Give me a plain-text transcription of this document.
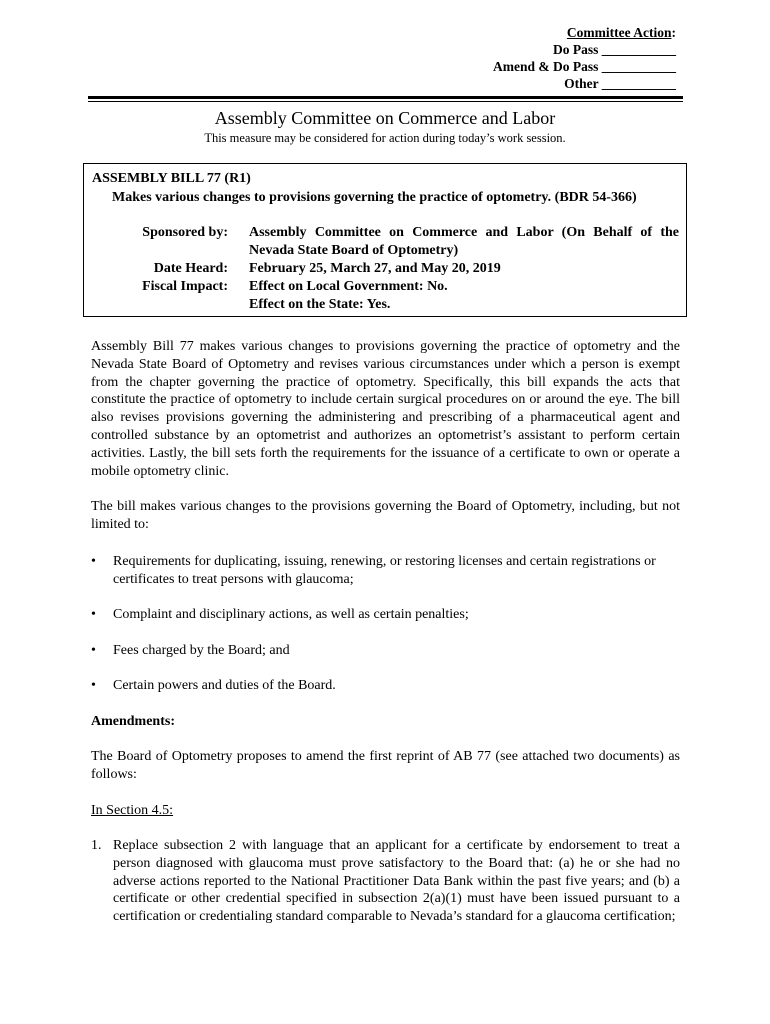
Committee Action:
Do Pass ___________
Amend & Do Pass ___________
Other ___________
Assembly Committee on Commerce and Labor
This measure may be considered for action during today’s work session.
ASSEMBLY BILL 77 (R1)
Makes various changes to provisions governing the practice of optometry. (BDR 54-366)
Sponsored by: Assembly Committee on Commerce and Labor (On Behalf of the Nevada State Board of Optometry)
Date Heard: February 25, March 27, and May 20, 2019
Fiscal Impact: Effect on Local Government: No.
Effect on the State: Yes.
Assembly Bill 77 makes various changes to provisions governing the practice of optometry and the Nevada State Board of Optometry and revises various circumstances under which a person is exempt from the chapter governing the practice of optometry. Specifically, this bill expands the acts that constitute the practice of optometry to include certain surgical procedures on or around the eye. The bill also revises provisions governing the administering and prescribing of a pharmaceutical agent and controlled substance by an optometrist and authorizes an optometrist’s assistant to perform certain activities. Lastly, the bill sets forth the requirements for the issuance of a certificate to own or operate a mobile optometry clinic.
The bill makes various changes to the provisions governing the Board of Optometry, including, but not limited to:
• Requirements for duplicating, issuing, renewing, or restoring licenses and certain registrations or certificates to treat persons with glaucoma;
• Complaint and disciplinary actions, as well as certain penalties;
• Fees charged by the Board; and
• Certain powers and duties of the Board.
Amendments:
The Board of Optometry proposes to amend the first reprint of AB 77 (see attached two documents) as follows:
In Section 4.5:
1. Replace subsection 2 with language that an applicant for a certificate by endorsement to treat a person diagnosed with glaucoma must prove satisfactory to the Board that: (a) he or she had no adverse actions reported to the National Practitioner Data Bank within the past five years; and (b) a certificate or other credential specified in subsection 2(a)(1) must have been issued pursuant to a certification or credentialing standard comparable to Nevada’s standard for a glaucoma certification;
